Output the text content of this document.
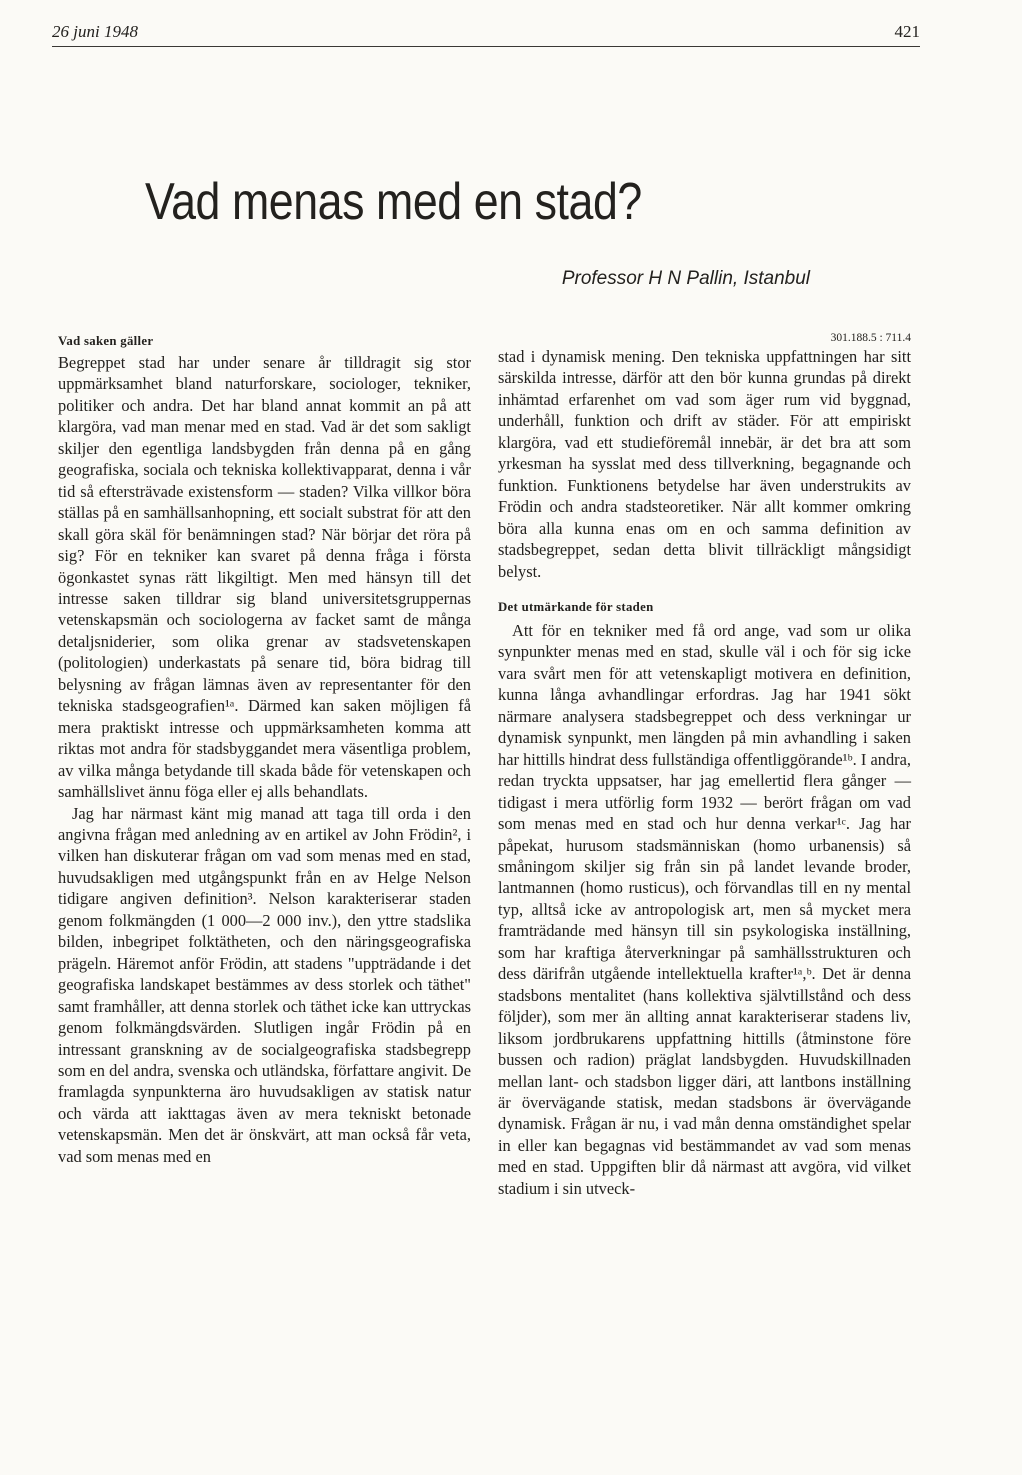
26 juni 1948	421
Vad menas med en stad?
Professor H N Pallin, Istanbul
Vad saken gäller

Begreppet stad har under senare år tilldragit sig stor uppmärksamhet bland naturforskare, sociologer, tekniker, politiker och andra. Det har bland annat kommit an på att klargöra, vad man menar med en stad. Vad är det som sakligt skiljer den egentliga landsbygden från denna på en gång geografiska, sociala och tekniska kollektivapparat, denna i vår tid så eftersträvade existensform — staden? Vilka villkor böra ställas på en samhällsanhopning, ett socialt substrat för att den skall göra skäl för benämningen stad? När börjar det röra på sig? För en tekniker kan svaret på denna fråga i första ögonkastet synas rätt likgiltigt. Men med hänsyn till det intresse saken tilldrar sig bland universitetsgruppernas vetenskapsmän och sociologerna av facket samt de många detaljsniderier, som olika grenar av stadsvetenskapen (politologien) underkastats på senare tid, böra bidrag till belysning av frågan lämnas även av representanter för den tekniska stadsgeografien¹ᵃ. Därmed kan saken möjligen få mera praktiskt intresse och uppmärksamheten komma att riktas mot andra för stadsbyggandet mera väsentliga problem, av vilka många betydande till skada både för vetenskapen och samhällslivet ännu föga eller ej alls behandlats.

Jag har närmast känt mig manad att taga till orda i den angivna frågan med anledning av en artikel av John Frödin², i vilken han diskuterar frågan om vad som menas med en stad, huvudsakligen med utgångspunkt från en av Helge Nelson tidigare angiven definition³. Nelson karakteriserar staden genom folkmängden (1 000—2 000 inv.), den yttre stadslika bilden, inbegripet folktätheten, och den näringsgeografiska prägeln. Häremot anför Frödin, att stadens "uppträdande i det geografiska landskapet bestämmes av dess storlek och täthet" samt framhåller, att denna storlek och täthet icke kan uttryckas genom folkmängdsvärden. Slutligen ingår Frödin på en intressant granskning av de socialgeografiska stadsbegrepp som en del andra, svenska och utländska, författare angivit. De framlagda synpunkterna äro huvudsakligen av statisk natur och värda att iakttagas även av mera tekniskt betonade vetenskapsmän. Men det är önskvärt, att man också får veta, vad som menas med en

301.188.5 : 711.4

stad i dynamisk mening. Den tekniska uppfattningen har sitt särskilda intresse, därför att den bör kunna grundas på direkt inhämtad erfarenhet om vad som äger rum vid byggnad, underhåll, funktion och drift av städer. För att empiriskt klargöra, vad ett studieföremål innebär, är det bra att som yrkesman ha sysslat med dess tillverkning, begagnande och funktion. Funktionens betydelse har även understrukits av Frödin och andra stadsteoretiker. När allt kommer omkring böra alla kunna enas om en och samma definition av stadsbegreppet, sedan detta blivit tillräckligt mångsidigt belyst.

Det utmärkande för staden

Att för en tekniker med få ord ange, vad som ur olika synpunkter menas med en stad, skulle väl i och för sig icke vara svårt men för att vetenskapligt motivera en definition, kunna långa avhandlingar erfordras. Jag har 1941 sökt närmare analysera stadsbegreppet och dess verkningar ur dynamisk synpunkt, men längden på min avhandling i saken har hittills hindrat dess fullständiga offentliggörande¹ᵇ. I andra, redan tryckta uppsatser, har jag emellertid flera gånger — tidigast i mera utförlig form 1932 — berört frågan om vad som menas med en stad och hur denna verkar¹ᶜ. Jag har påpekat, hurusom stadsmänniskan (homo urbanensis) så småningom skiljer sig från sin på landet levande broder, lantmannen (homo rusticus), och förvandlas till en ny mental typ, alltså icke av antropologisk art, men så mycket mera framträdande med hänsyn till sin psykologiska inställning, som har kraftiga återverkningar på samhällsstrukturen och dess därifrån utgående intellektuella krafter¹ᵃ,ᵇ. Det är denna stadsbons mentalitet (hans kollektiva självtillstånd och dess följder), som mer än allting annat karakteriserar stadens liv, liksom jordbrukarens uppfattning hittills (åtminstone före bussen och radion) präglat landsbygden. Huvudskillnaden mellan lant- och stadsbon ligger däri, att lantbons inställning är övervägande statisk, medan stadsbons är övervägande dynamisk. Frågan är nu, i vad mån denna omständighet spelar in eller kan begagnas vid bestämmandet av vad som menas med en stad. Uppgiften blir då närmast att avgöra, vid vilket stadium i sin utveck-
